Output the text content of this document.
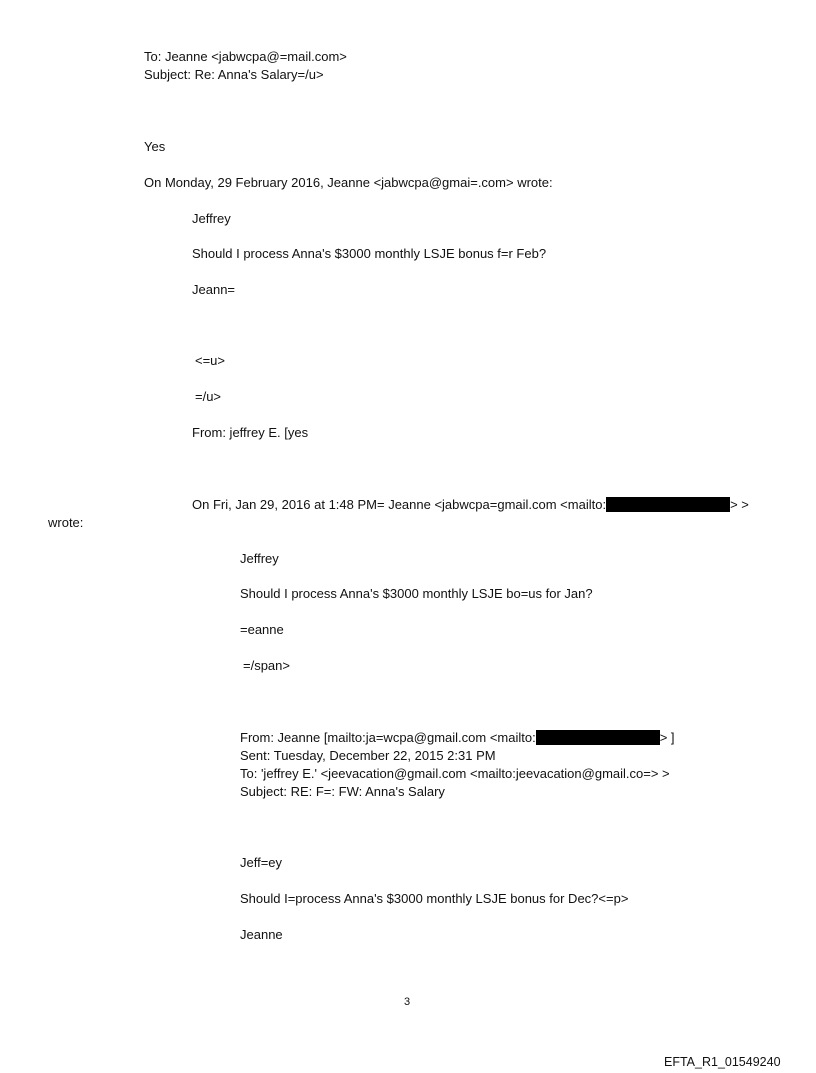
To: Jeanne <jabwcpa@=mail.com>
Subject: Re: Anna's Salary=/u>
Yes
On Monday, 29 February 2016, Jeanne <jabwcpa@gmai=.com> wrote:
Jeffrey
Should I process Anna's $3000 monthly LSJE bonus f=r Feb?
Jeann=
<=u>
=/u>
From: jeffrey E. [yes
On Fri, Jan 29, 2016 at 1:48 PM= Jeanne <jabwcpa=gmail.com <mailto:	> >
wrote:
Jeffrey
Should I process Anna's $3000 monthly LSJE bo=us for Jan?
=eanne
=/span>
From: Jeanne [mailto:ja=wcpa@gmail.com <mailto:	> ]
Sent: Tuesday, December 22, 2015 2:31 PM
To: 'jeffrey E.' <jeevacation@gmail.com <mailto:jeevacation@gmail.co=> >
Subject: RE: F=: FW: Anna's Salary
Jeff=ey
Should I=process Anna's $3000 monthly LSJE bonus for Dec?<=p>
Jeanne
3
EFTA_R1_01549240
